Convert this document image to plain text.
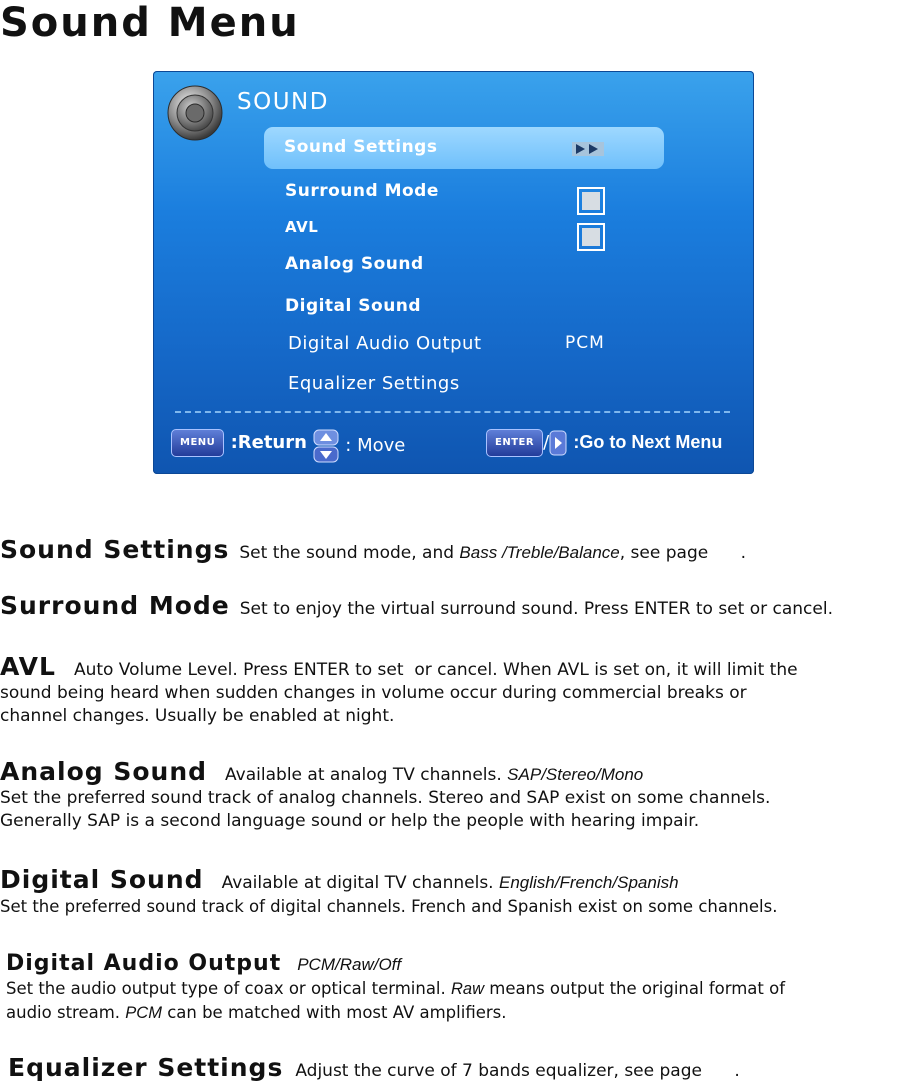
Sound Menu
SOUND
Sound Settings
Surround Mode
AVL
Analog Sound
Digital Sound
Digital Audio Output	PCM
Equalizer Settings
MENU :Return	: Move	ENTER / :Go to Next Menu
Sound Settings Set the sound mode, and Bass /Treble/Balance, see page      .
Surround Mode Set to enjoy the virtual surround sound. Press ENTER to set or cancel.
AVL Auto Volume Level. Press ENTER to set  or cancel. When AVL is set on, it will limit the
sound being heard when sudden changes in volume occur during commercial breaks or
channel changes. Usually be enabled at night.
Analog Sound Available at analog TV channels. SAP/Stereo/Mono
Set the preferred sound track of analog channels. Stereo and SAP exist on some channels.
Generally SAP is a second language sound or help the people with hearing impair.
Digital Sound Available at digital TV channels. English/French/Spanish
Set the preferred sound track of digital channels. French and Spanish exist on some channels.
Digital Audio Output PCM/Raw/Off
Set the audio output type of coax or optical terminal. Raw means output the original format of
audio stream. PCM can be matched with most AV amplifiers.
Equalizer Settings Adjust the curve of 7 bands equalizer, see page      .
